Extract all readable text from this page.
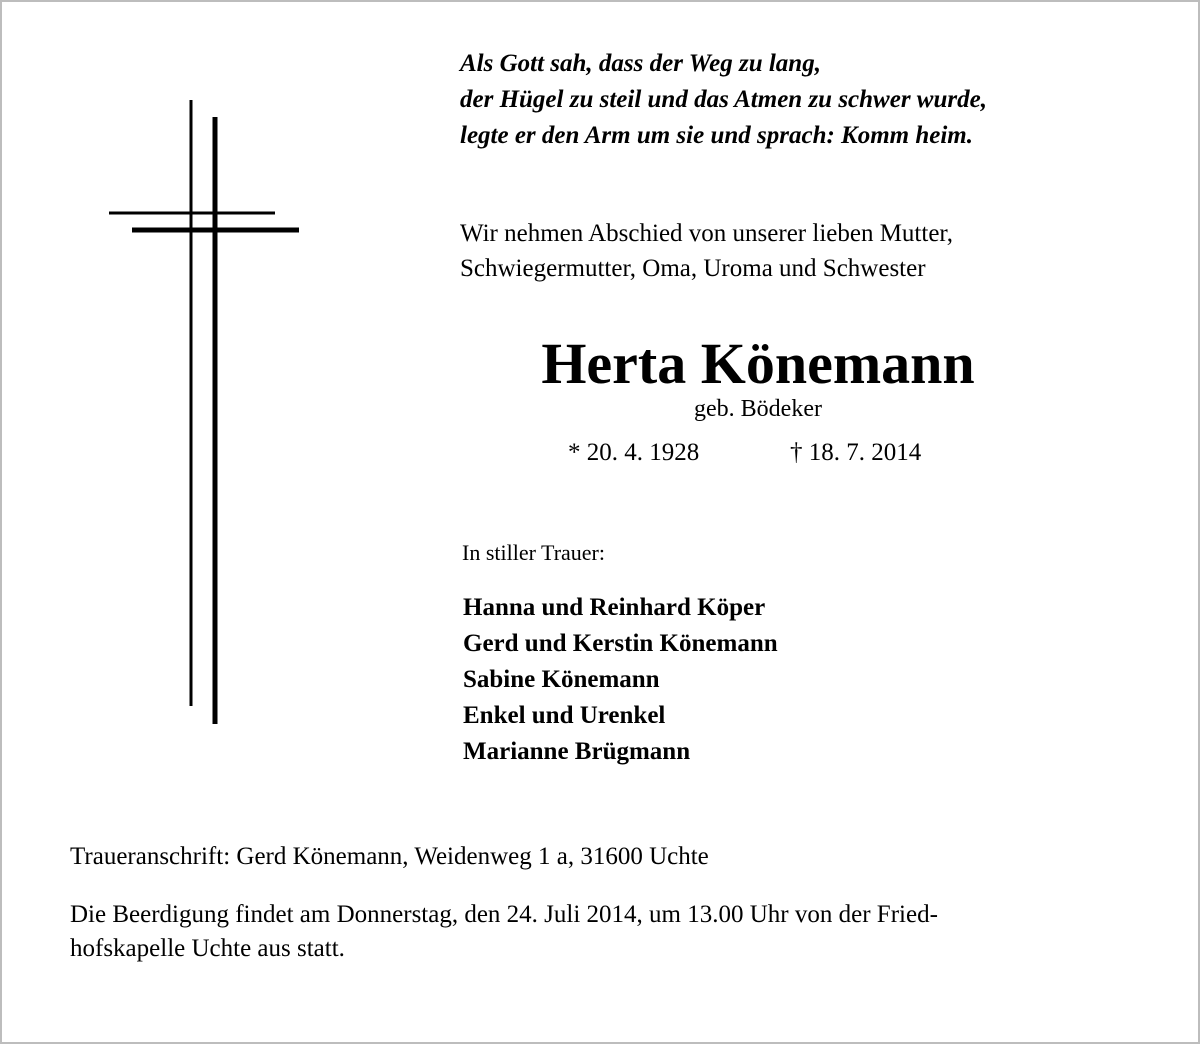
Als Gott sah, dass der Weg zu lang,
der Hügel zu steil und das Atmen zu schwer wurde,
legte er den Arm um sie und sprach: Komm heim.
Wir nehmen Abschied von unserer lieben Mutter,
Schwiegermutter, Oma, Uroma und Schwester
Herta Könemann
geb. Bödeker
* 20. 4. 1928	† 18. 7. 2014
In stiller Trauer:
Hanna und Reinhard Köper
Gerd und Kerstin Könemann
Sabine Könemann
Enkel und Urenkel
Marianne Brügmann
Traueranschrift: Gerd Könemann, Weidenweg 1 a, 31600 Uchte
Die Beerdigung findet am Donnerstag, den 24. Juli 2014, um 13.00 Uhr von der Fried-
hofskapelle Uchte aus statt.
